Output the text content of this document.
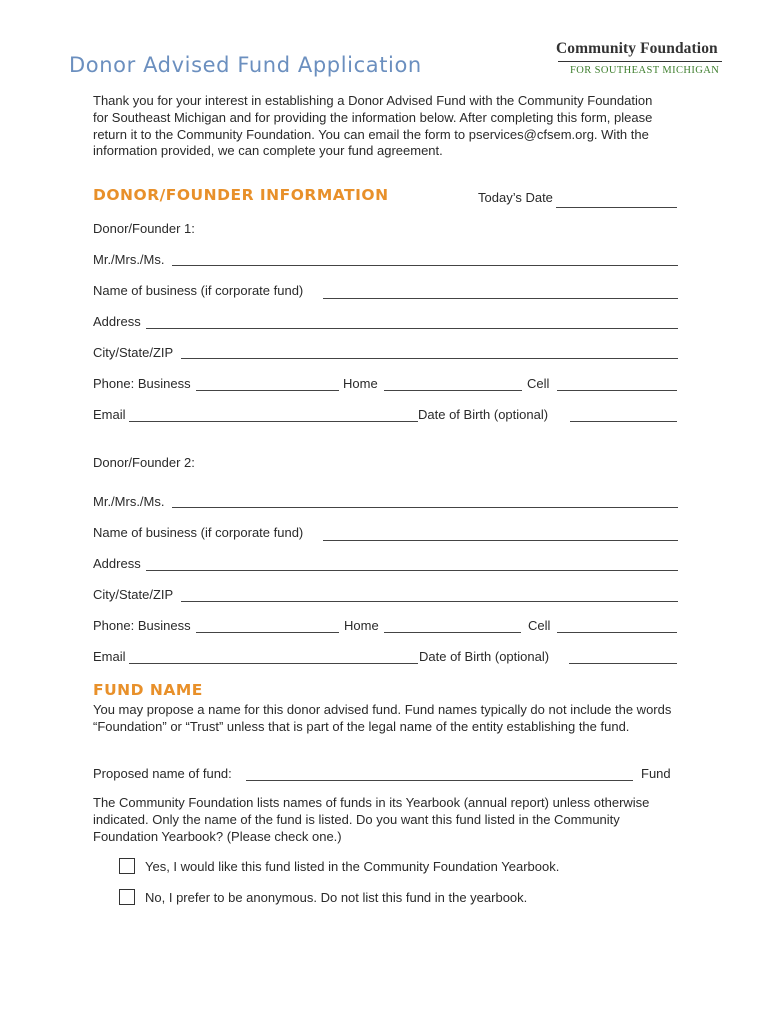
Donor Advised Fund Application
Community Foundation
FOR SOUTHEAST MICHIGAN
Thank you for your interest in establishing a Donor Advised Fund with the Community Foundation for Southeast Michigan and for providing the information below. After completing this form, please return it to the Community Foundation. You can email the form to pservices@cfsem.org. With the information provided, we can complete your fund agreement.
DONOR/FOUNDER INFORMATION	Today’s Date
Donor/Founder 1:
Mr./Mrs./Ms.
Name of business (if corporate fund)
Address
City/State/ZIP
Phone: Business	Home	Cell
Email	Date of Birth (optional)
Donor/Founder 2:
Mr./Mrs./Ms.
Name of business (if corporate fund)
Address
City/State/ZIP
Phone: Business	Home	Cell
Email	Date of Birth (optional)
FUND NAME
You may propose a name for this donor advised fund. Fund names typically do not include the words “Foundation” or “Trust” unless that is part of the legal name of the entity establishing the fund.
Proposed name of fund:	Fund
The Community Foundation lists names of funds in its Yearbook (annual report) unless otherwise indicated. Only the name of the fund is listed. Do you want this fund listed in the Community Foundation Yearbook? (Please check one.)
Yes, I would like this fund listed in the Community Foundation Yearbook.
No, I prefer to be anonymous. Do not list this fund in the yearbook.
